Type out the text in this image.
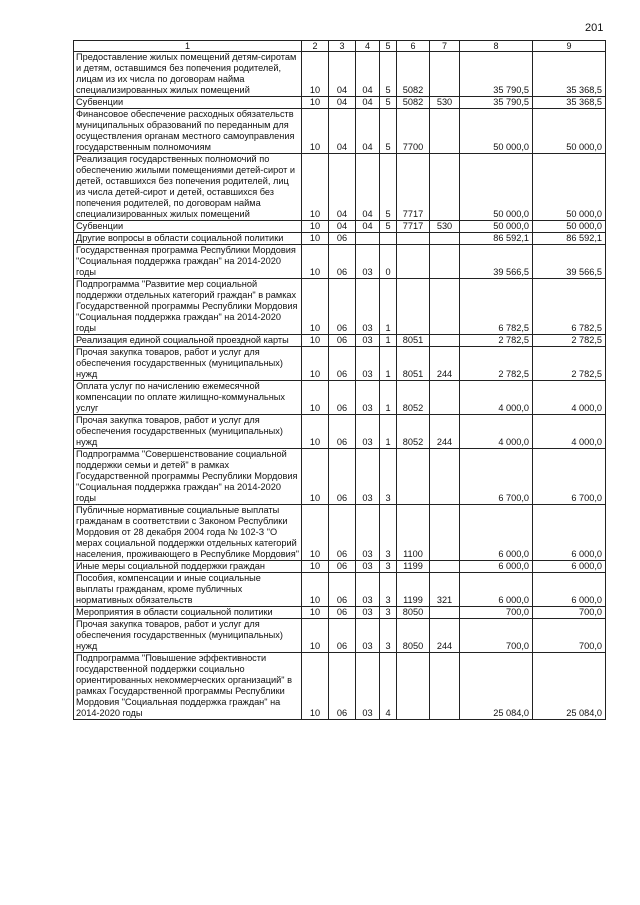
201
1	2	3	4	5	6	7	8	9
Предоставление жилых помещений детям-сиротам и детям, оставшимся без попечения родителей, лицам из их числа по договорам найма специализированных жилых помещений	10	04	04	5	5082		35 790,5	35 368,5
Субвенции	10	04	04	5	5082	530	35 790,5	35 368,5
Финансовое обеспечение расходных обязательств муниципальных образований по переданным для осуществления органам местного самоуправления государственным полномочиям	10	04	04	5	7700		50 000,0	50 000,0
Реализация государственных полномочий по обеспечению жилыми помещениями детей-сирот и детей, оставшихся без попечения родителей, лиц из числа детей-сирот и детей, оставшихся без попечения родителей, по договорам найма специализированных жилых помещений	10	04	04	5	7717		50 000,0	50 000,0
Субвенции	10	04	04	5	7717	530	50 000,0	50 000,0
Другие вопросы в области социальной политики	10	06					86 592,1	86 592,1
Государственная программа Республики Мордовия "Социальная поддержка граждан" на 2014-2020 годы	10	06	03	0			39 566,5	39 566,5
Подпрограмма "Развитие мер социальной поддержки отдельных категорий граждан" в рамках Государственной программы Республики Мордовия "Социальная поддержка граждан" на 2014-2020 годы	10	06	03	1			6 782,5	6 782,5
Реализация единой социальной проездной карты	10	06	03	1	8051		2 782,5	2 782,5
Прочая закупка товаров, работ и услуг для обеспечения государственных (муниципальных) нужд	10	06	03	1	8051	244	2 782,5	2 782,5
Оплата услуг по начислению ежемесячной компенсации по оплате жилищно-коммунальных услуг	10	06	03	1	8052		4 000,0	4 000,0
Прочая закупка товаров, работ и услуг для обеспечения государственных (муниципальных) нужд	10	06	03	1	8052	244	4 000,0	4 000,0
Подпрограмма "Совершенствование социальной поддержки семьи и детей" в рамках Государственной программы Республики Мордовия "Социальная поддержка граждан" на 2014-2020 годы	10	06	03	3			6 700,0	6 700,0
Публичные нормативные социальные выплаты гражданам в соответствии с Законом Республики Мордовия от 28 декабря 2004 года № 102-З "О мерах социальной поддержки отдельных категорий населения, проживающего в Республике Мордовия"	10	06	03	3	1100		6 000,0	6 000,0
Иные меры социальной поддержки граждан	10	06	03	3	1199		6 000,0	6 000,0
Пособия, компенсации и иные социальные выплаты гражданам, кроме публичных нормативных обязательств	10	06	03	3	1199	321	6 000,0	6 000,0
Мероприятия в области социальной политики	10	06	03	3	8050		700,0	700,0
Прочая закупка товаров, работ и услуг для обеспечения государственных (муниципальных) нужд	10	06	03	3	8050	244	700,0	700,0
Подпрограмма "Повышение эффективности государственной поддержки социально ориентированных некоммерческих организаций" в рамках Государственной программы Республики Мордовия "Социальная поддержка граждан" на 2014-2020 годы	10	06	03	4			25 084,0	25 084,0
